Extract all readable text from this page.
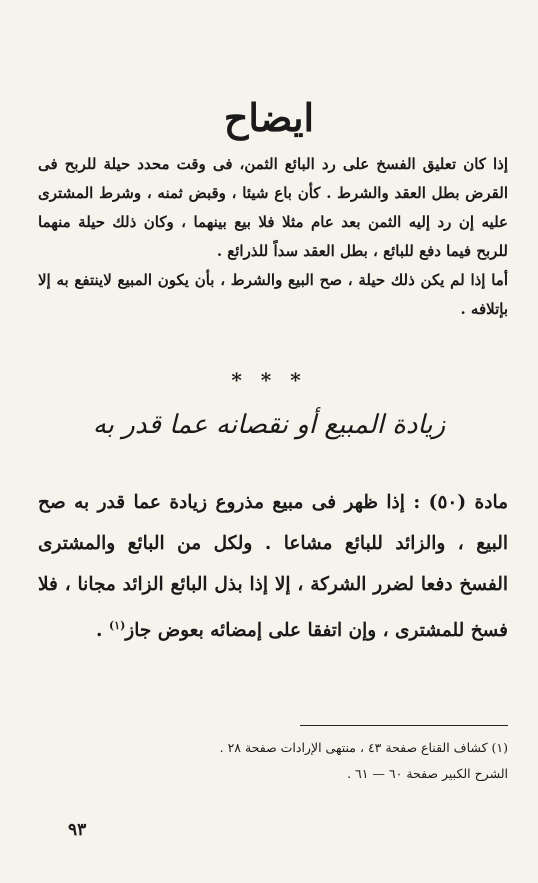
ايضاح

إذا كان تعليق الفسخ على رد البائع الثمن، فى وقت محدد حيلة للربح فى القرض بطل العقد والشرط . كأن باع شيئا ، وقبض ثمنه ، وشرط المشترى عليه إن رد إليه الثمن بعد عام مثلا فلا بيع بينهما ، وكان ذلك حيلة منهما للربح فيما دفع للبائع ، بطل العقد سداً للذرائع .

أما إذا لم يكن ذلك حيلة ، صح البيع والشرط ، بأن يكون المبيع لاينتفع به إلا بإتلافه .

* * *
زيادة المبيع أو نقصانه عما قدر به

مادة (٥٠) : إذا ظهر فى مبيع مذروع زيادة عما قدر به صح البيع ، والزائد للبائع مشاعا . ولكل من البائع والمشترى الفسخ دفعا لضرر الشركة ، إلا إذا بذل البائع الزائد مجانا ، فلا فسخ للمشترى ، وإن اتفقا على إمضائه بعوض جاز$^{(١)}$ .

(١) كشاف القناع صفحة ٤٣ ، منتهى الإرادات صفحة ٢٨ .

الشرح الكبير صفحة ٦٠ — ٦١ .

٩٣
